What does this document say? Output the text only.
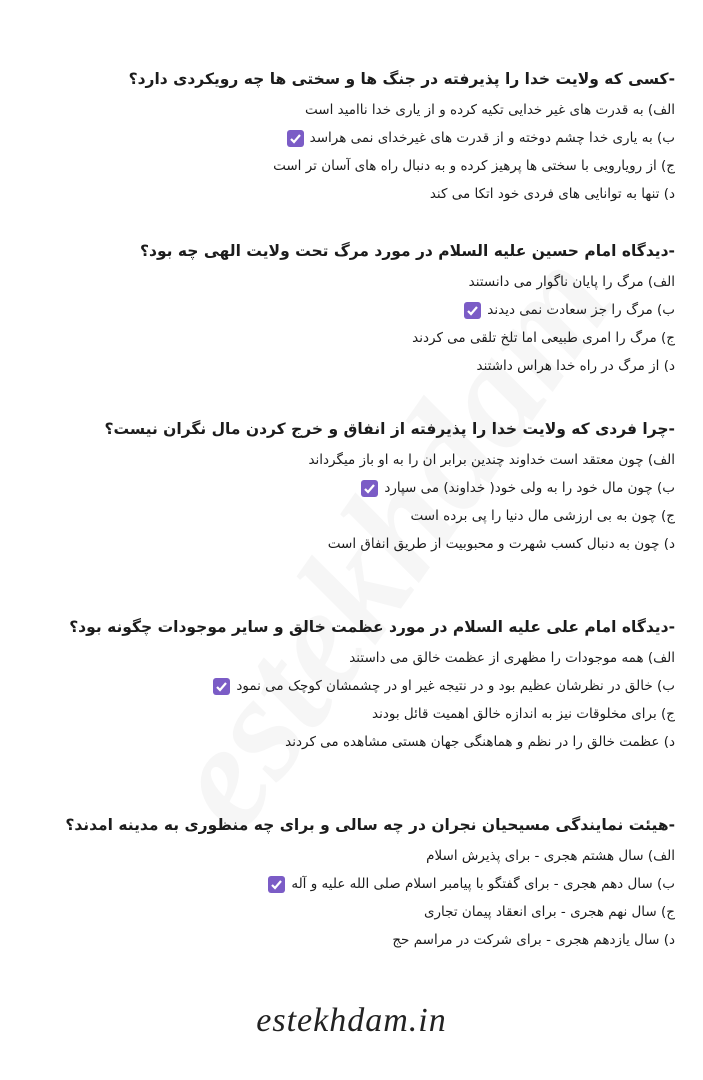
-کسی که ولایت خدا را پذیرفته در جنگ ها و سختی ها چه رویکردی دارد؟

الف) به قدرت های غیر خدایی تکیه کرده و از یاری خدا ناامید است
ب) به یاری خدا چشم دوخته و از قدرت های غیرخدای نمی هراسد
ج) از رویارویی با سختی ها پرهیز کرده و به دنبال راه های آسان تر است
د) تنها به توانایی های فردی خود اتکا می کند

-دیدگاه امام حسین علیه السلام در مورد مرگ تحت ولایت الهی چه بود؟

الف) مرگ را پایان ناگوار می دانستند
ب) مرگ را جز سعادت نمی دیدند
ج) مرگ را امری طبیعی اما تلخ تلقی می کردند
د) از مرگ در راه خدا هراس داشتند

-چرا فردی که ولایت خدا را پذیرفته از انفاق و خرج کردن مال نگران نیست؟

الف) چون معتقد است خداوند چندین برابر ان را به او باز میگرداند
ب) چون مال خود را به ولی خود( خداوند) می سپارد
ج) چون به بی ارزشی مال دنیا را پی برده است
د) چون به دنبال کسب شهرت و محبوبیت از طریق انفاق است

-دیدگاه امام علی علیه السلام در مورد عظمت خالق و سایر موجودات چگونه بود؟

الف) همه موجودات را مظهری از عظمت خالق می داستند
ب) خالق در نظرشان عظیم بود و در نتیجه غیر او در چشمشان کوچک می نمود
ج) برای مخلوقات نیز به اندازه خالق اهمیت قائل بودند
د) عظمت خالق را در نظم و هماهنگی جهان هستی مشاهده می کردند

-هیئت نمایندگی مسیحیان نجران در چه سالی و برای چه منظوری به مدینه امدند؟

الف) سال هشتم هجری - برای پذیرش اسلام
ب) سال دهم هجری - برای گفتگو با پیامبر اسلام صلی الله علیه و آله
ج) سال نهم هجری - برای انعقاد پیمان تجاری
د) سال یازدهم هجری - برای شرکت در مراسم حج
estekhdam.in
